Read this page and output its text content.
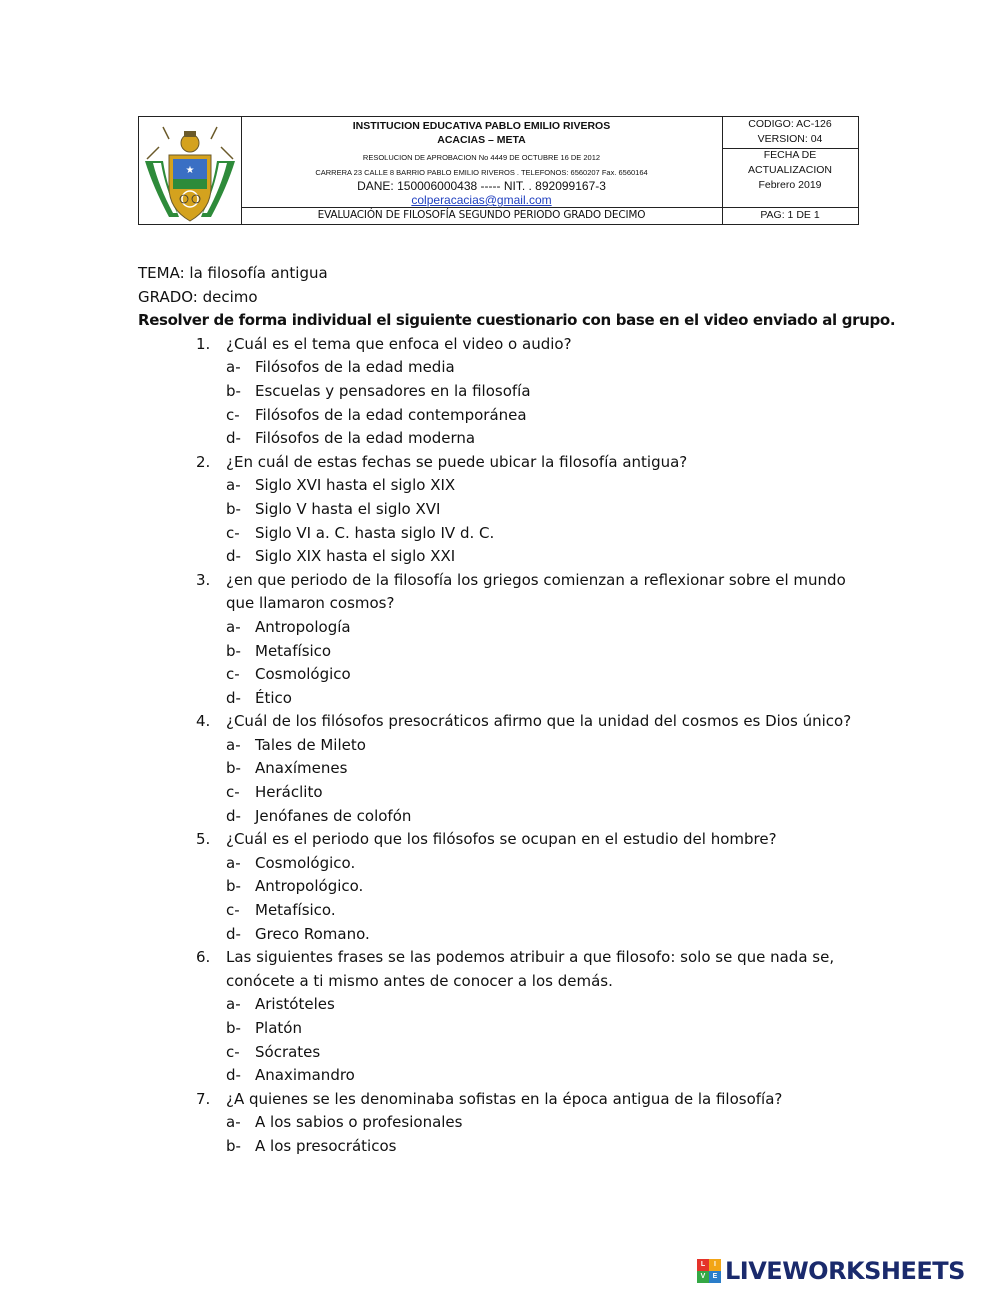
★
INSTITUCION EDUCATIVA PABLO EMILIO RIVEROS
ACACIAS – META
RESOLUCION DE APROBACION No 4449 DE OCTUBRE 16 DE 2012
CARRERA 23 CALLE 8 BARRIO PABLO EMILIO RIVEROS . TELEFONOS: 6560207 Fax. 6560164
DANE: 150006000438 ----- NIT. . 892099167-3
colperacacias@gmail.com
EVALUACIÓN DE FILOSOFÍA SEGUNDO PERIODO GRADO DECIMO
CODIGO: AC-126
VERSION: 04
FECHA DE
ACTUALIZACION
Febrero 2019
PAG: 1 DE 1
TEMA: la filosofía antigua
GRADO: decimo
Resolver de forma individual el siguiente cuestionario con base en el video enviado al grupo.
1. ¿Cuál es el tema que enfoca el video o audio?
a- Filósofos de la edad media
b- Escuelas y pensadores en la filosofía
c- Filósofos de la edad contemporánea
d- Filósofos de la edad moderna
2. ¿En cuál de estas fechas se puede ubicar la filosofía antigua?
a- Siglo XVI hasta el siglo XIX
b- Siglo V hasta el siglo XVI
c- Siglo VI a. C. hasta siglo IV d. C.
d- Siglo XIX hasta el siglo XXI
3. ¿en que periodo de la filosofía los griegos comienzan a reflexionar sobre el mundo que llamaron cosmos?
a- Antropología
b- Metafísico
c- Cosmológico
d- Ético
4. ¿Cuál de los filósofos presocráticos afirmo que la unidad del cosmos es Dios único?
a- Tales de Mileto
b- Anaxímenes
c- Heráclito
d- Jenófanes de colofón
5. ¿Cuál es el periodo que los filósofos se ocupan en el estudio del hombre?
a- Cosmológico.
b- Antropológico.
c- Metafísico.
d- Greco Romano.
6. Las siguientes frases se las podemos atribuir a que filosofo: solo se que nada se, conócete a ti mismo antes de conocer a los demás.
a- Aristóteles
b- Platón
c- Sócrates
d- Anaximandro
7. ¿A quienes se les denominaba sofistas en la época antigua de la filosofía?
a- A los sabios o profesionales
b- A los presocráticos
L	I
V	E LIVEWORKSHEETS
